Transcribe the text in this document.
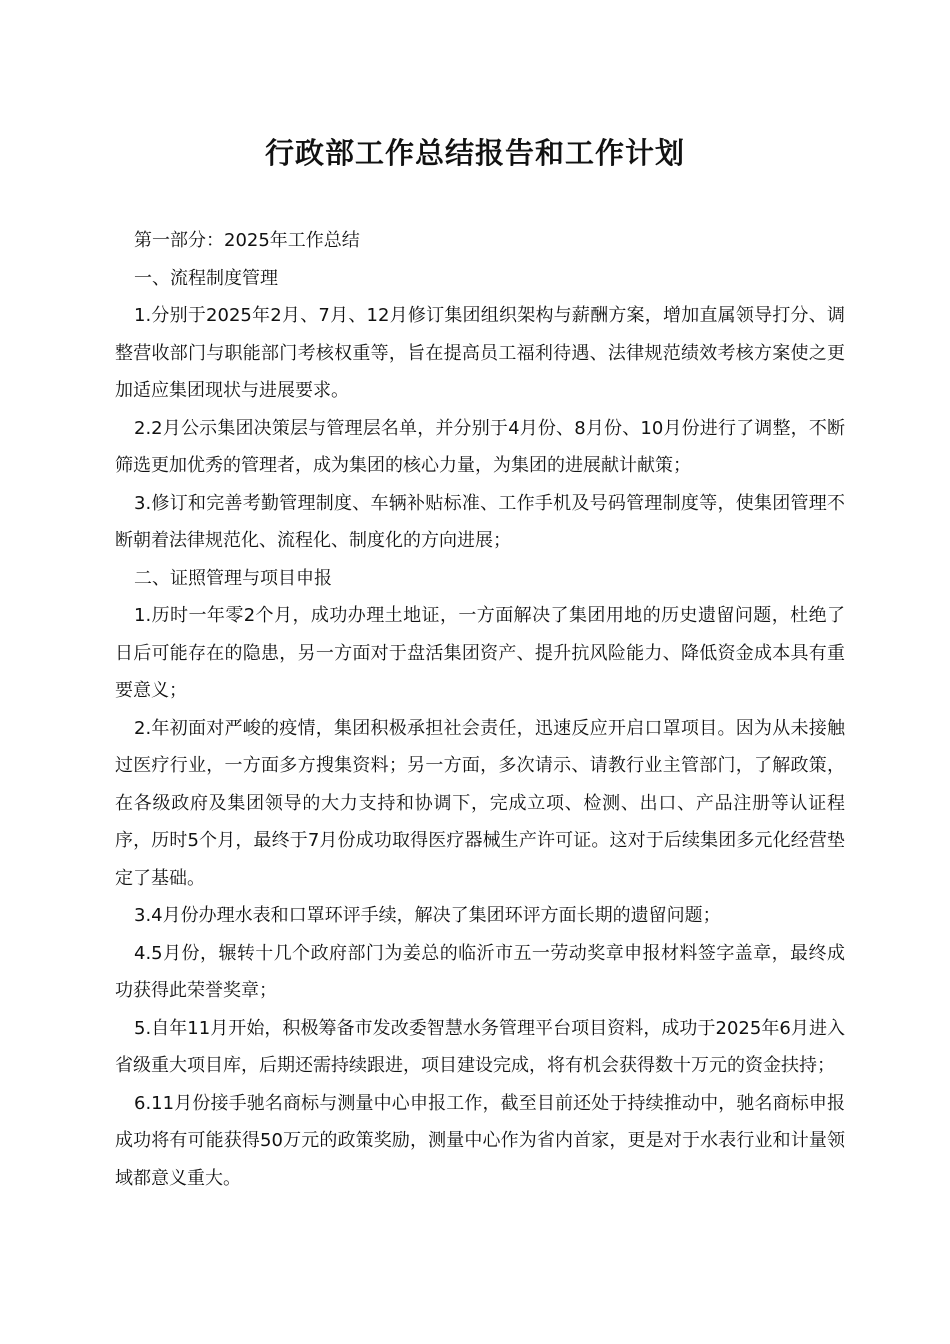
行政部工作总结报告和工作计划

第一部分：2025年工作总结

一、流程制度管理

1.分别于2025年2月、7月、12月修订集团组织架构与薪酬方案，增加直属领导打分、调整营收部门与职能部门考核权重等，旨在提高员工福利待遇、法律规范绩效考核方案使之更加适应集团现状与进展要求。

2.2月公示集团决策层与管理层名单，并分别于4月份、8月份、10月份进行了调整，不断筛选更加优秀的管理者，成为集团的核心力量，为集团的进展献计献策；

3.修订和完善考勤管理制度、车辆补贴标准、工作手机及号码管理制度等，使集团管理不断朝着法律规范化、流程化、制度化的方向进展；

二、证照管理与项目申报

1.历时一年零2个月，成功办理土地证，一方面解决了集团用地的历史遗留问题，杜绝了日后可能存在的隐患，另一方面对于盘活集团资产、提升抗风险能力、降低资金成本具有重要意义；

2.年初面对严峻的疫情，集团积极承担社会责任，迅速反应开启口罩项目。因为从未接触过医疗行业，一方面多方搜集资料；另一方面，多次请示、请教行业主管部门，了解政策，在各级政府及集团领导的大力支持和协调下，完成立项、检测、出口、产品注册等认证程序，历时5个月，最终于7月份成功取得医疗器械生产许可证。这对于后续集团多元化经营垫定了基础。

3.4月份办理水表和口罩环评手续，解决了集团环评方面长期的遗留问题；

4.5月份，辗转十几个政府部门为姜总的临沂市五一劳动奖章申报材料签字盖章，最终成功获得此荣誉奖章；

5.自年11月开始，积极筹备市发改委智慧水务管理平台项目资料，成功于2025年6月进入省级重大项目库，后期还需持续跟进，项目建设完成，将有机会获得数十万元的资金扶持；

6.11月份接手驰名商标与测量中心申报工作，截至目前还处于持续推动中，驰名商标申报成功将有可能获得50万元的政策奖励，测量中心作为省内首家，更是对于水表行业和计量领域都意义重大。
